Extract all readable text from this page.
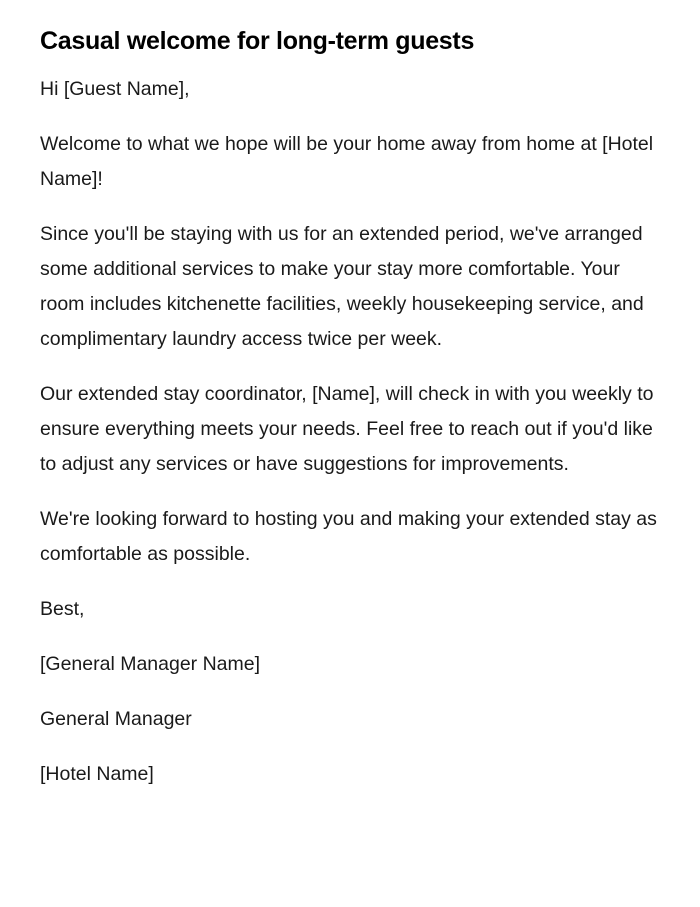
Casual welcome for long-term guests

Hi [Guest Name],

Welcome to what we hope will be your home away from home at [Hotel Name]!

Since you'll be staying with us for an extended period, we've arranged some additional services to make your stay more comfortable. Your room includes kitchenette facilities, weekly housekeeping service, and complimentary laundry access twice per week.

Our extended stay coordinator, [Name], will check in with you weekly to ensure everything meets your needs. Feel free to reach out if you'd like to adjust any services or have suggestions for improvements.

We're looking forward to hosting you and making your extended stay as comfortable as possible.

Best,

[General Manager Name]

General Manager

[Hotel Name]
